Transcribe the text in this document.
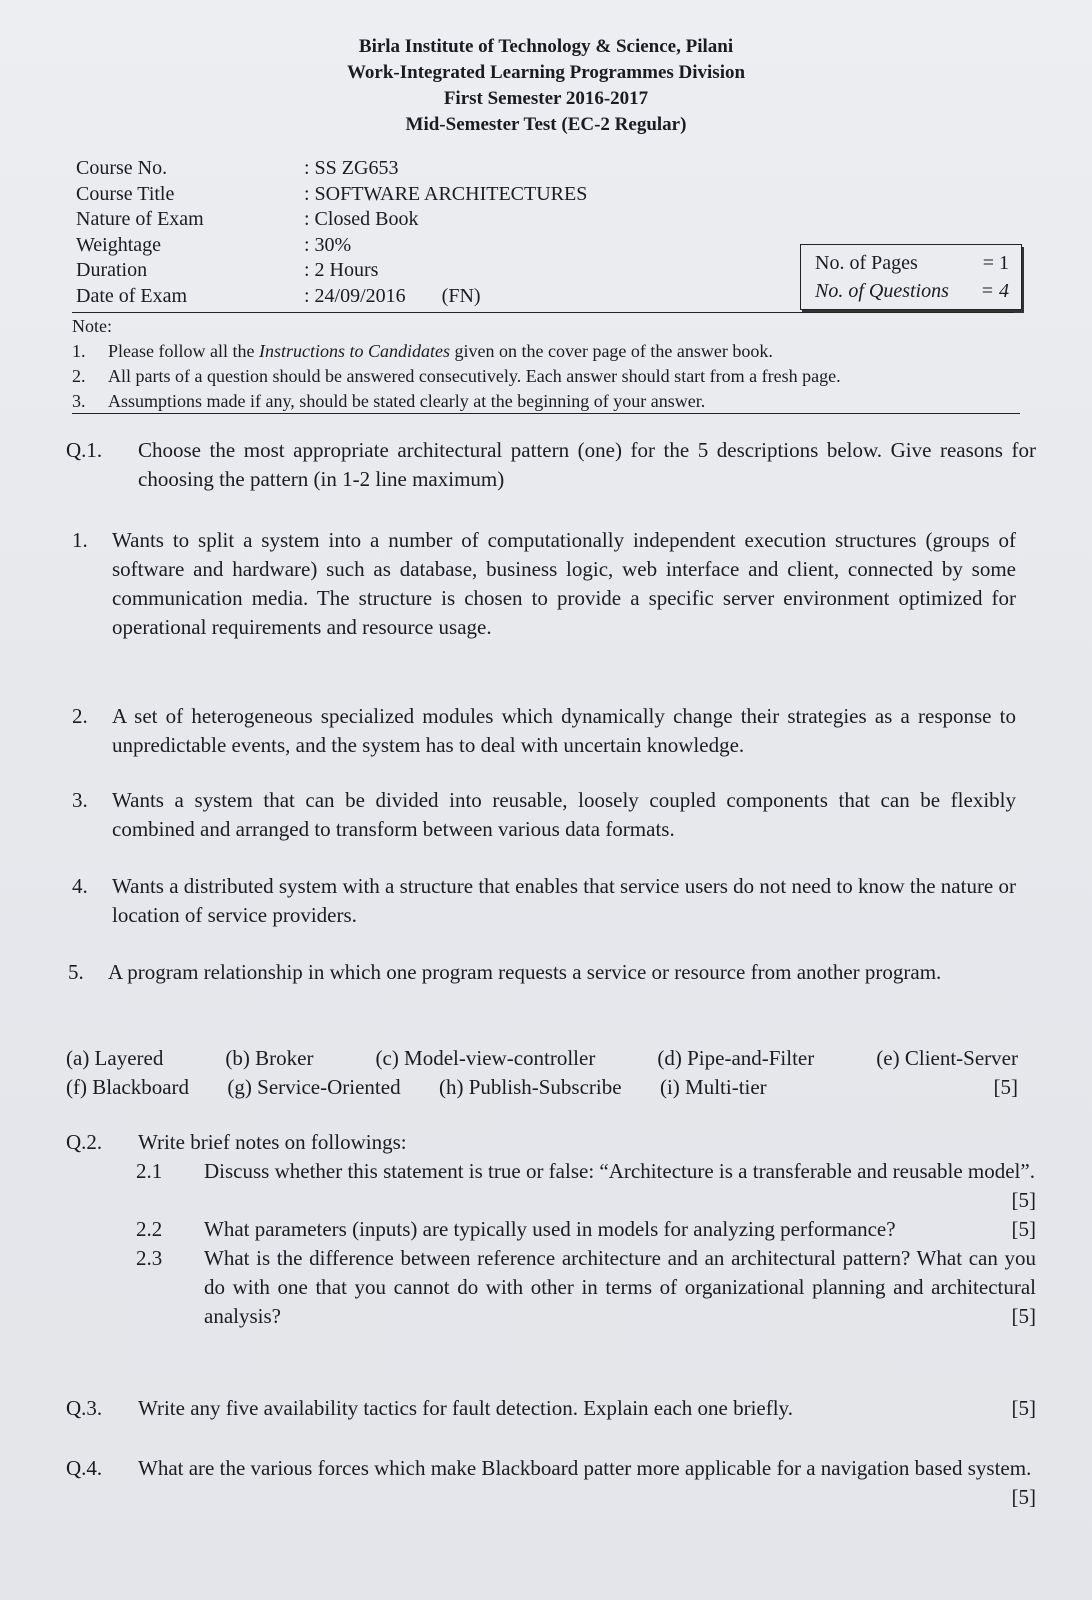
Birla Institute of Technology & Science, Pilani
Work-Integrated Learning Programmes Division
First Semester 2016-2017
Mid-Semester Test (EC-2 Regular)
Course No.	: SS ZG653
Course Title	: SOFTWARE ARCHITECTURES
Nature of Exam	: Closed Book
Weightage	: 30%
Duration	: 2 Hours
Date of Exam	: 24/09/2016 (FN)
No. of Pages	= 1
No. of Questions = 4
Note:
1.	Please follow all the Instructions to Candidates given on the cover page of the answer book.
2.	All parts of a question should be answered consecutively. Each answer should start from a fresh page.
3.	Assumptions made if any, should be stated clearly at the beginning of your answer.
Q.1.	Choose the most appropriate architectural pattern (one) for the 5 descriptions below. Give reasons for choosing the pattern (in 1-2 line maximum)
1.	Wants to split a system into a number of computationally independent execution structures (groups of software and hardware) such as database, business logic, web interface and client, connected by some communication media. The structure is chosen to provide a specific server environment optimized for operational requirements and resource usage.
2.	A set of heterogeneous specialized modules which dynamically change their strategies as a response to unpredictable events, and the system has to deal with uncertain knowledge.
3.	Wants a system that can be divided into reusable, loosely coupled components that can be flexibly combined and arranged to transform between various data formats.
4.	Wants a distributed system with a structure that enables that service users do not need to know the nature or location of service providers.
5.	A program relationship in which one program requests a service or resource from another program.
(a) Layered	(b) Broker	(c) Model-view-controller	(d) Pipe-and-Filter	(e) Client-Server
(f) Blackboard (g) Service-Oriented (h) Publish-Subscribe (i) Multi-tier	[5]
Q.2.	Write brief notes on followings:
2.1	Discuss whether this statement is true or false: “Architecture is a transferable and reusable model”.
[5]
2.2	What parameters (inputs) are typically used in models for analyzing performance?	[5]
2.3	What is the difference between reference architecture and an architectural pattern? What can you do with one that you cannot do with other in terms of organizational planning and architectural analysis?	[5]
Q.3.	Write any five availability tactics for fault detection. Explain each one briefly.	[5]
Q.4.	What are the various forces which make Blackboard patter more applicable for a navigation based system.
[5]
